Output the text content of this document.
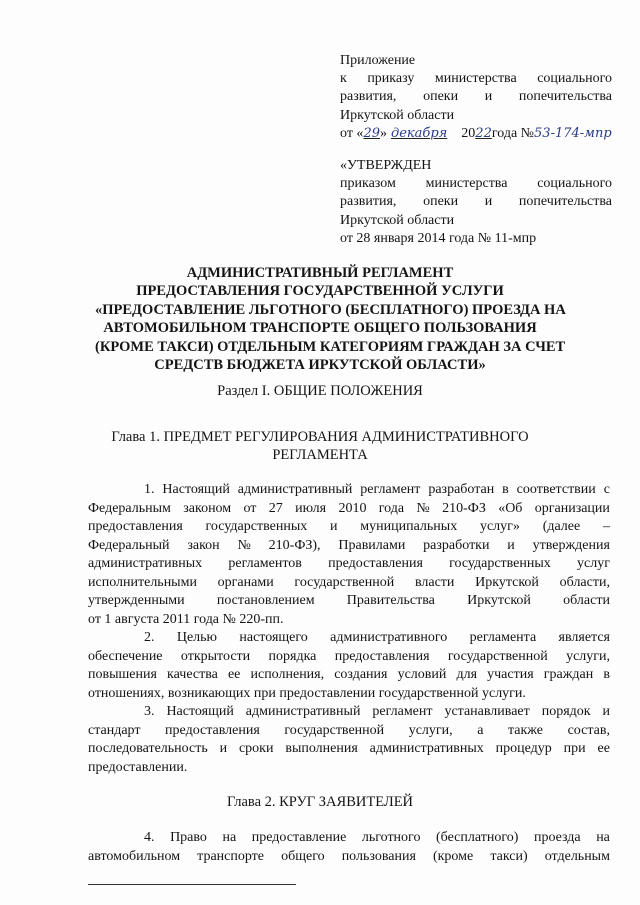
Приложение
к приказу министерства социального
развития, опеки и попечительства
Иркутской области
от « 29 » декабря	20 22 года № 53-174-мпр
«УТВЕРЖДЕН
приказом министерства социального
развития, опеки и попечительства
Иркутской области
от 28 января 2014 года № 11-мпр
АДМИНИСТРАТИВНЫЙ РЕГЛАМЕНТ
ПРЕДОСТАВЛЕНИЯ ГОСУДАРСТВЕННОЙ УСЛУГИ
«ПРЕДОСТАВЛЕНИЕ ЛЬГОТНОГО (БЕСПЛАТНОГО) ПРОЕЗДА НА
АВТОМОБИЛЬНОМ ТРАНСПОРТЕ ОБЩЕГО ПОЛЬЗОВАНИЯ
(КРОМЕ ТАКСИ) ОТДЕЛЬНЫМ КАТЕГОРИЯМ ГРАЖДАН ЗА СЧЕТ
СРЕДСТВ БЮДЖЕТА ИРКУТСКОЙ ОБЛАСТИ»
Раздел I. ОБЩИЕ ПОЛОЖЕНИЯ
Глава 1. ПРЕДМЕТ РЕГУЛИРОВАНИЯ АДМИНИСТРАТИВНОГО
РЕГЛАМЕНТА
1. Настоящий административный регламент разработан в соответствии с
Федеральным законом от 27 июля 2010 года № 210-ФЗ «Об организации
предоставления государственных и муниципальных услуг» (далее –
Федеральный закон № 210-ФЗ), Правилами разработки и утверждения
административных регламентов предоставления государственных услуг
исполнительными органами государственной власти Иркутской области,
утвержденными постановлением Правительства Иркутской области
от 1 августа 2011 года № 220-пп.
2. Целью настоящего административного регламента является
обеспечение открытости порядка предоставления государственной услуги,
повышения качества ее исполнения, создания условий для участия граждан в
отношениях, возникающих при предоставлении государственной услуги.
3. Настоящий административный регламент устанавливает порядок и
стандарт предоставления государственной услуги, а также состав,
последовательность и сроки выполнения административных процедур при ее
предоставлении.
Глава 2. КРУГ ЗАЯВИТЕЛЕЙ
4. Право на предоставление льготного (бесплатного) проезда на
автомобильном транспорте общего пользования (кроме такси) отдельным
